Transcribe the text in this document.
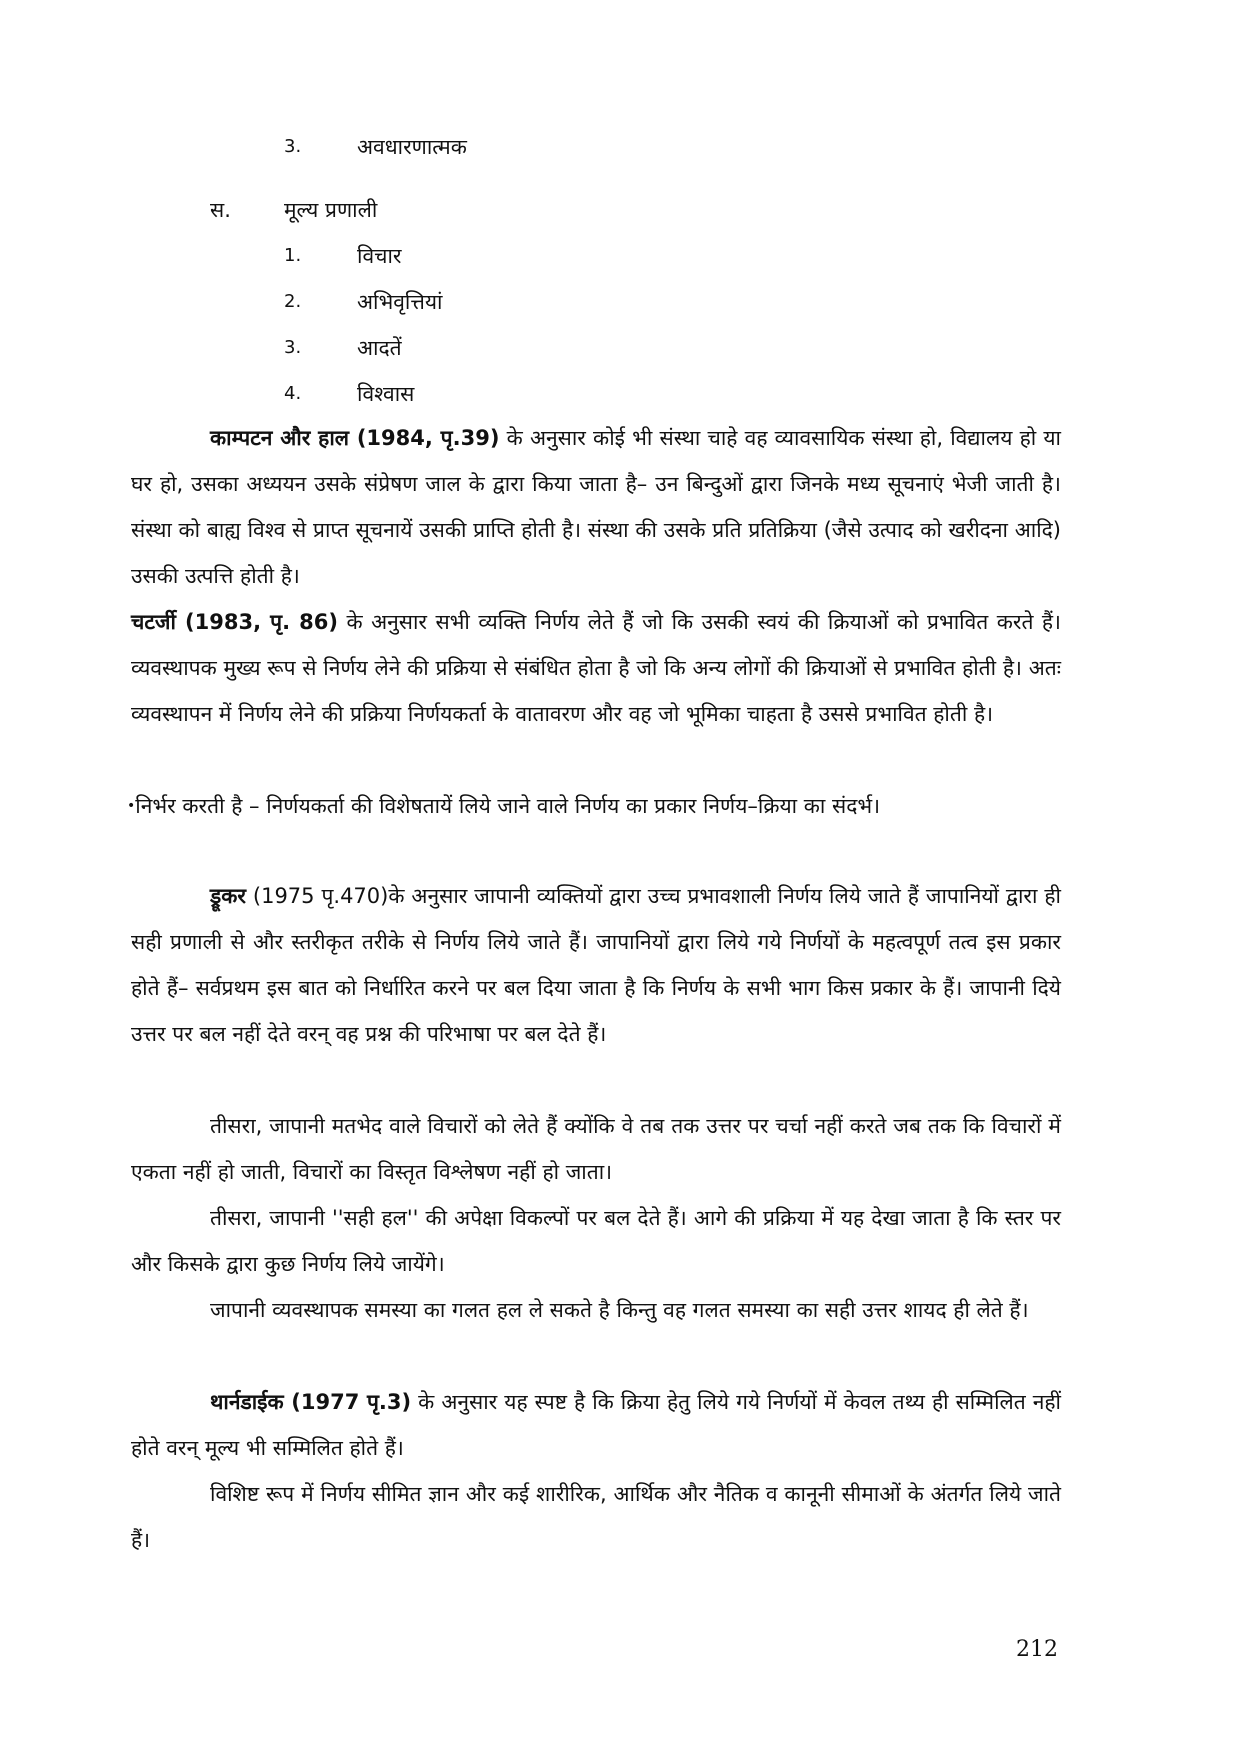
3.	अवधारणात्मक
स.	मूल्य प्रणाली
1.	विचार
2.	अभिवृत्तियां
3.	आदतें
4.	विश्वास

काम्पटन और हाल (1984, पृ.39) के अनुसार कोई भी संस्था चाहे वह व्यावसायिक संस्था हो, विद्यालय हो या घर हो, उसका अध्ययन उसके संप्रेषण जाल के द्वारा किया जाता है– उन बिन्दुओं द्वारा जिनके मध्य सूचनाएं भेजी जाती है। संस्था को बाह्य विश्व से प्राप्त सूचनायें उसकी प्राप्ति होती है। संस्था की उसके प्रति प्रतिक्रिया (जैसे उत्पाद को खरीदना आदि) उसकी उत्पत्ति होती है।

चटर्जी (1983, पृ. 86) के अनुसार सभी व्यक्ति निर्णय लेते हैं जो कि उसकी स्वयं की क्रियाओं को प्रभावित करते हैं। व्यवस्थापक मुख्य रूप से निर्णय लेने की प्रक्रिया से संबंधित होता है जो कि अन्य लोगों की क्रियाओं से प्रभावित होती है। अतः व्यवस्थापन में निर्णय लेने की प्रक्रिया निर्णयकर्ता के वातावरण और वह जो भूमिका चाहता है उससे प्रभावित होती है।

•निर्भर करती है – निर्णयकर्ता की विशेषतायें लिये जाने वाले निर्णय का प्रकार निर्णय–क्रिया का संदर्भ।

ड्रूकर (1975 पृ.470)के अनुसार जापानी व्यक्तियों द्वारा उच्च प्रभावशाली निर्णय लिये जाते हैं जापानियों द्वारा ही सही प्रणाली से और स्तरीकृत तरीके से निर्णय लिये जाते हैं। जापानियों द्वारा लिये गये निर्णयों के महत्वपूर्ण तत्व इस प्रकार होते हैं– सर्वप्रथम इस बात को निर्धारित करने पर बल दिया जाता है कि निर्णय के सभी भाग किस प्रकार के हैं। जापानी दिये उत्तर पर बल नहीं देते वरन् वह प्रश्न की परिभाषा पर बल देते हैं।

तीसरा, जापानी मतभेद वाले विचारों को लेते हैं क्योंकि वे तब तक उत्तर पर चर्चा नहीं करते जब तक कि विचारों में एकता नहीं हो जाती, विचारों का विस्तृत विश्लेषण नहीं हो जाता।

तीसरा, जापानी ''सही हल'' की अपेक्षा विकल्पों पर बल देते हैं। आगे की प्रक्रिया में यह देखा जाता है कि स्तर पर और किसके द्वारा कुछ निर्णय लिये जायेंगे।

जापानी व्यवस्थापक समस्या का गलत हल ले सकते है किन्तु वह गलत समस्या का सही उत्तर शायद ही लेते हैं।

थार्नडाईक (1977 पृ.3) के अनुसार यह स्पष्ट है कि क्रिया हेतु लिये गये निर्णयों में केवल तथ्य ही सम्मिलित नहीं होते वरन् मूल्य भी सम्मिलित होते हैं।

विशिष्ट रूप में निर्णय सीमित ज्ञान और कई शारीरिक, आर्थिक और नैतिक व कानूनी सीमाओं के अंतर्गत लिये जाते हैं।

212
